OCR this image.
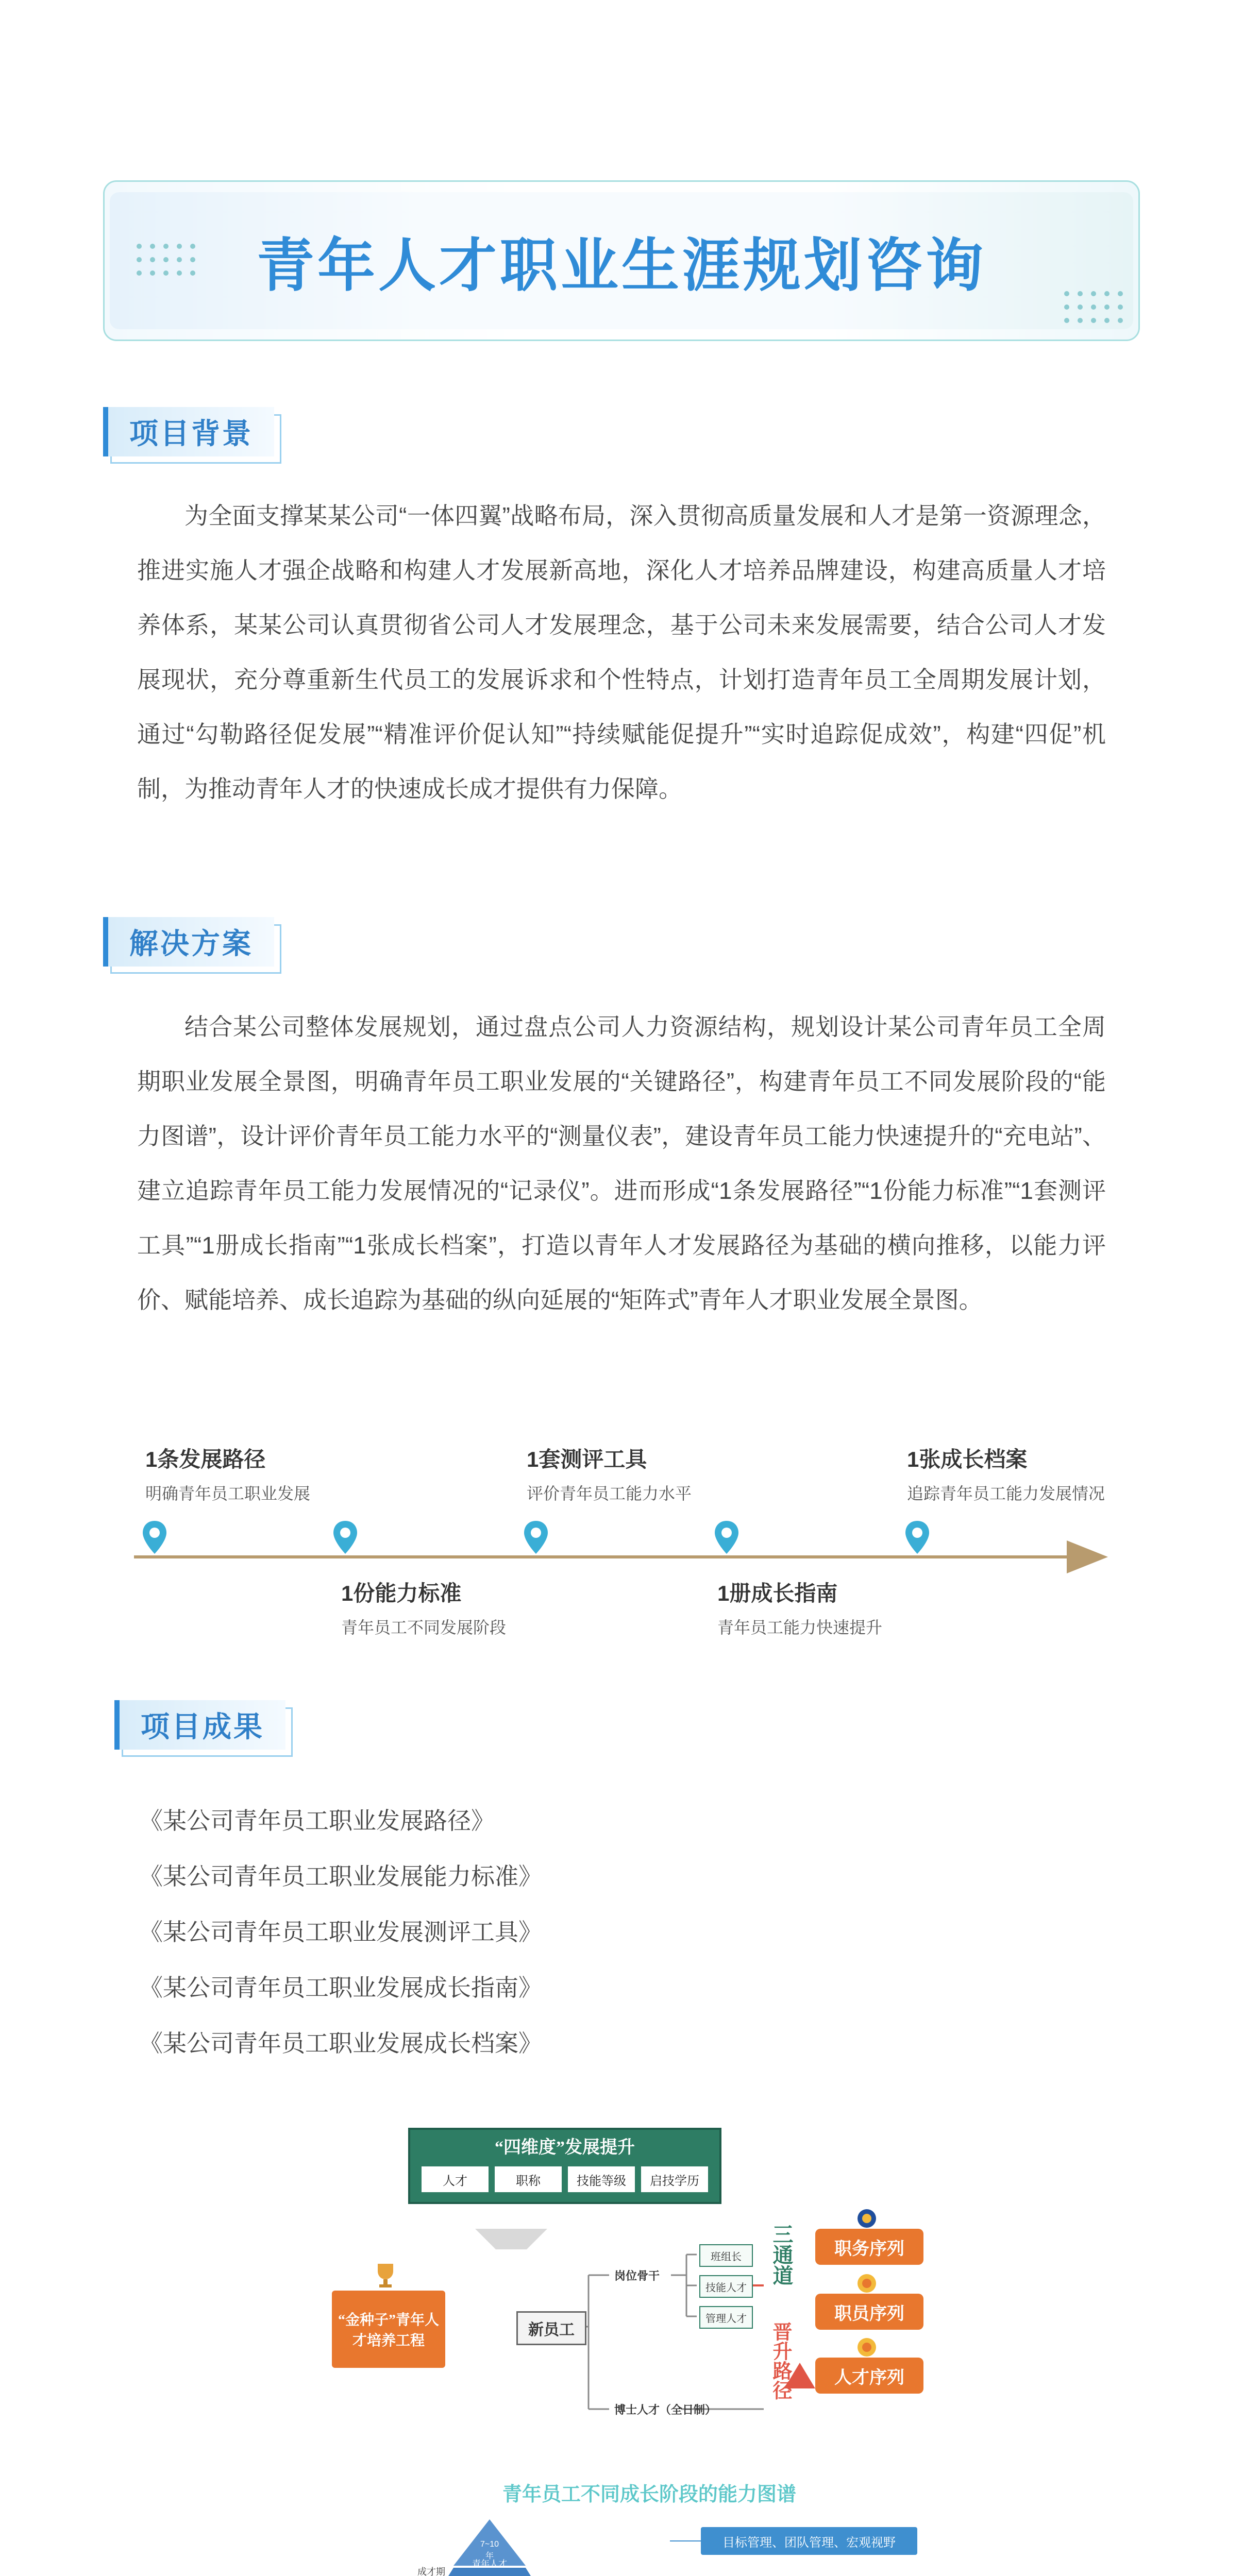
青年人才职业生涯规划咨询
项目背景

为全面支撑某某公司“一体四翼”战略布局，深入贯彻高质量发展和人才是第一资源理念，推进实施人才强企战略和构建人才发展新高地，深化人才培养品牌建设，构建高质量人才培养体系，某某公司认真贯彻省公司人才发展理念，基于公司未来发展需要，结合公司人才发展现状，充分尊重新生代员工的发展诉求和个性特点，计划打造青年员工全周期发展计划，通过“勾勒路径促发展”“精准评价促认知”“持续赋能促提升”“实时追踪促成效”，构建“四促”机制，为推动青年人才的快速成长成才提供有力保障。

解决方案

结合某公司整体发展规划，通过盘点公司人力资源结构，规划设计某公司青年员工全周期职业发展全景图，明确青年员工职业发展的“关键路径”，构建青年员工不同发展阶段的“能力图谱”，设计评价青年员工能力水平的“测量仪表”，建设青年员工能力快速提升的“充电站”、建立追踪青年员工能力发展情况的“记录仪”。进而形成“1条发展路径”“1份能力标准”“1套测评工具”“1册成长指南”“1张成长档案”，打造以青年人才发展路径为基础的横向推移，以能力评价、赋能培养、成长追踪为基础的纵向延展的“矩阵式”青年人才职业发展全景图。

1条发展路径
明确青年员工职业发展
1套测评工具
评价青年员工能力水平
1张成长档案
追踪青年员工能力发展情况
1份能力标准
青年员工不同发展阶段
1册成长指南
青年员工能力快速提升
项目成果
《某公司青年员工职业发展路径》
《某公司青年员工职业发展能力标准》
《某公司青年员工职业发展测评工具》
《某公司青年员工职业发展成长指南》
《某公司青年员工职业发展成长档案》
“四维度”发展提升
人才	职称	技能等级	启技学历
“金种子”青年人才培养工程
新员工
岗位骨干
博士人才（全日制）
班组长
技能人才
管理人才
三通道
晋升路径
职务序列
职员序列
人才序列
青年员工不同成长阶段的能力图谱
成才期
7~10年
青年人才
目标管理、团队管理、宏观视野
